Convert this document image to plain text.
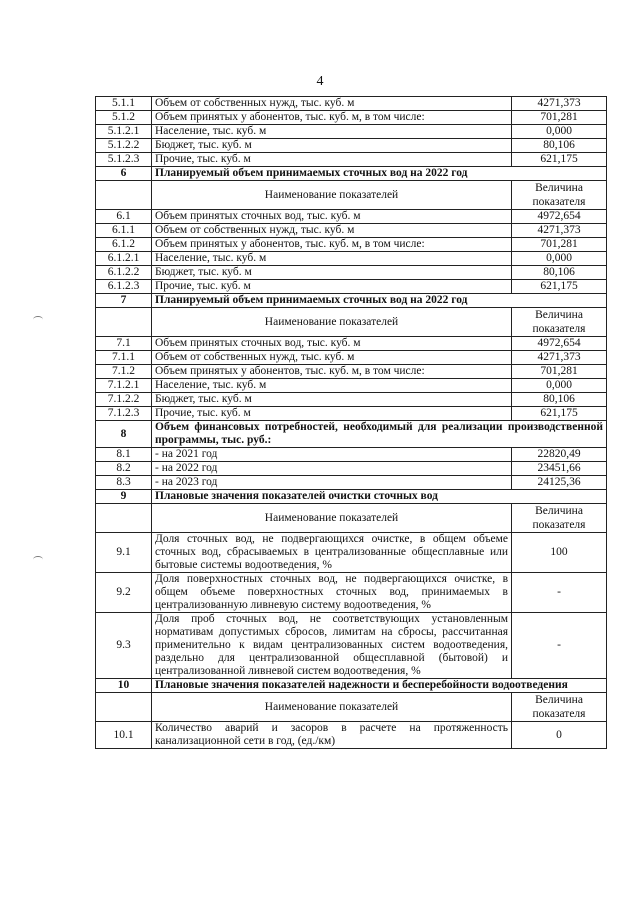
4
5.1.1	Объем от собственных нужд, тыс. куб. м	4271,373
5.1.2	Объем принятых у абонентов, тыс. куб. м, в том числе:	701,281
5.1.2.1	Население, тыс. куб. м	0,000
5.1.2.2	Бюджет, тыс. куб. м	80,106
5.1.2.3	Прочие, тыс. куб. м	621,175
6	Планируемый объем принимаемых сточных вод на 2022 год	
	Наименование показателей	Величина показателя
6.1	Объем принятых сточных вод, тыс. куб. м	4972,654
6.1.1	Объем от собственных нужд, тыс. куб. м	4271,373
6.1.2	Объем принятых у абонентов, тыс. куб. м, в том числе:	701,281
6.1.2.1	Население, тыс. куб. м	0,000
6.1.2.2	Бюджет, тыс. куб. м	80,106
6.1.2.3	Прочие, тыс. куб. м	621,175
7	Планируемый объем принимаемых сточных вод на 2022 год	
	Наименование показателей	Величина показателя
7.1	Объем принятых сточных вод, тыс. куб. м	4972,654
7.1.1	Объем от собственных нужд, тыс. куб. м	4271,373
7.1.2	Объем принятых у абонентов, тыс. куб. м, в том числе:	701,281
7.1.2.1	Население, тыс. куб. м	0,000
7.1.2.2	Бюджет, тыс. куб. м	80,106
7.1.2.3	Прочие, тыс. куб. м	621,175
8	Объем финансовых потребностей, необходимый для реализации производственной программы, тыс. руб.:	
8.1	- на 2021 год	22820,49
8.2	- на 2022 год	23451,66
8.3	- на 2023 год	24125,36
9	Плановые значения показателей очистки сточных вод	
	Наименование показателей	Величина показателя
9.1	Доля сточных вод, не подвергающихся очистке, в общем объеме сточных вод, сбрасываемых в централизованные общесплавные или бытовые системы водоотведения, %	100
9.2	Доля поверхностных сточных вод, не подвергающихся очистке, в общем объеме поверхностных сточных вод, принимаемых в централизованную ливневую систему водоотведения, %	-
9.3	Доля проб сточных вод, не соответствующих установленным нормативам допустимых сбросов, лимитам на сбросы, рассчитанная применительно к видам централизованных систем водоотведения, раздельно для централизованной общесплавной (бытовой) и централизованной ливневой систем водоотведения, %	-
10	Плановые значения показателей надежности и бесперебойности водоотведения	
	Наименование показателей	Величина показателя
10.1	Количество аварий и засоров в расчете на протяженность канализационной сети в год, (ед./км)	0
